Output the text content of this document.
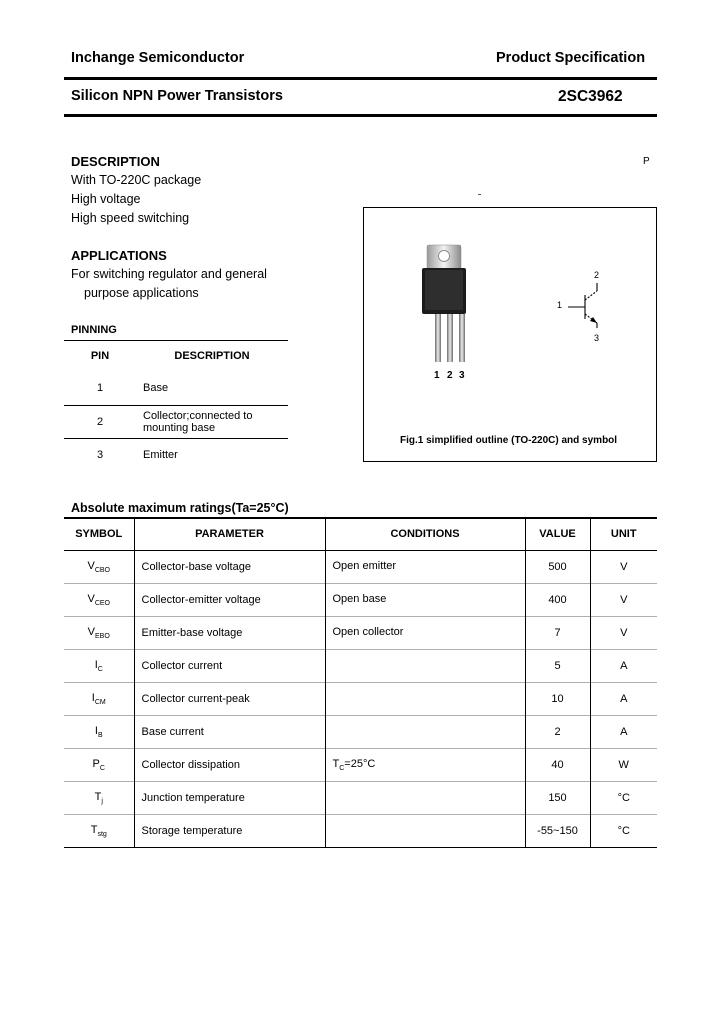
Inchange Semiconductor	Product Specification
Silicon NPN Power Transistors	2SC3962
DESCRIPTION	P
With TO-220C package
High voltage
High speed switching
APPLICATIONS
For switching regulator and general
purpose applications
PINNING
PIN	DESCRIPTION
1	Base
2	Collector;connected to mounting base

3	Emitter
1 2 3
1
2
3
Fig.1 simplified outline (TO-220C) and symbol
Absolute maximum ratings(Ta=25°C)
SYMBOL	PARAMETER	CONDITIONS	VALUE	UNIT
$V_{CBO}$	Collector-base voltage	Open emitter	500	V
$V_{CEO}$	Collector-emitter voltage	Open base	400	V
$V_{EBO}$	Emitter-base voltage	Open collector	7	V
$I_C$	Collector current		5	A
$I_{CM}$	Collector current-peak		10	A
$I_B$	Base current		2	A
$P_C$	Collector dissipation	$T_C=25^\circ C$	40	W
$T_j$	Junction temperature		150	°C
$T_{stg}$	Storage temperature		-55~150	°C
